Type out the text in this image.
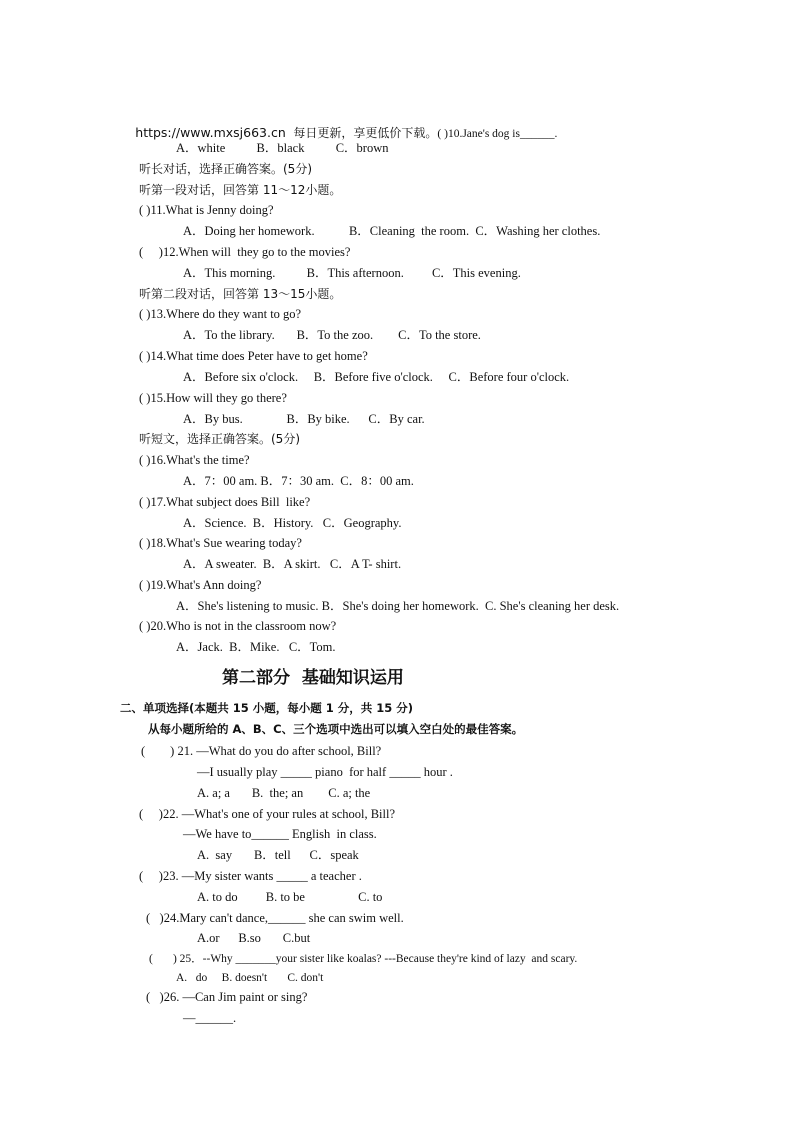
https://www.mxsj663.cn 每日更新，享更低价下载。( )10.Jane's dog is______.

A．white          B．black          C．brown
听长对话，选择正确答案。(5分)
听第一段对话，回答第 11～12小题。
( )11.What is Jenny doing?
A．Doing her homework.           B．Cleaning  the room.  C．Washing her clothes.
(     )12.When will  they go to the movies?
A．This morning.          B．This afternoon.         C．This evening.
听第二段对话，回答第 13～15小题。
( )13.Where do they want to go?
A．To the library.       B．To the zoo.        C．To the store.
( )14.What time does Peter have to get home?
A．Before six o'clock.     B．Before five o'clock.     C．Before four o'clock.
( )15.How will they go there?
A．By bus.              B．By bike.      C．By car.
听短文，选择正确答案。(5分)
( )16.What's the time?
A．7：00 am. B．7：30 am.  C．8：00 am.
( )17.What subject does Bill  like?
A．Science.  B．History.   C．Geography.
( )18.What's Sue wearing today?
A．A sweater.  B．A skirt.   C．A T- shirt.
( )19.What's Ann doing?
A．She's listening to music. B．She's doing her homework.  C. She's cleaning her desk.
( )20.Who is not in the classroom now?
A．Jack.  B．Mike.   C．Tom.
第二部分  基础知识运用
二、单项选择(本题共 15 小题，每小题 1 分，共 15 分)
从每小题所给的 A、B、C、三个选项中选出可以填入空白处的最佳答案。
(        ) 21. —What do you do after school, Bill?
—I usually play _____ piano  for half _____ hour .
A. a; a       B.  the; an        C. a; the
(     )22. —What's one of your rules at school, Bill?
—We have to______ English  in class.
A.  say       B．tell      C．speak
(     )23. —My sister wants _____ a teacher .
A. to do         B. to be                 C. to
(   )24.Mary can't dance,______ she can swim well.
A.or      B.so       C.but
(       ) 25．--Why _______your sister like koalas? ---Because they're kind of lazy  and scary.
A.   do     B. doesn't       C. don't
(   )26. —Can Jim paint or sing?
—______.
